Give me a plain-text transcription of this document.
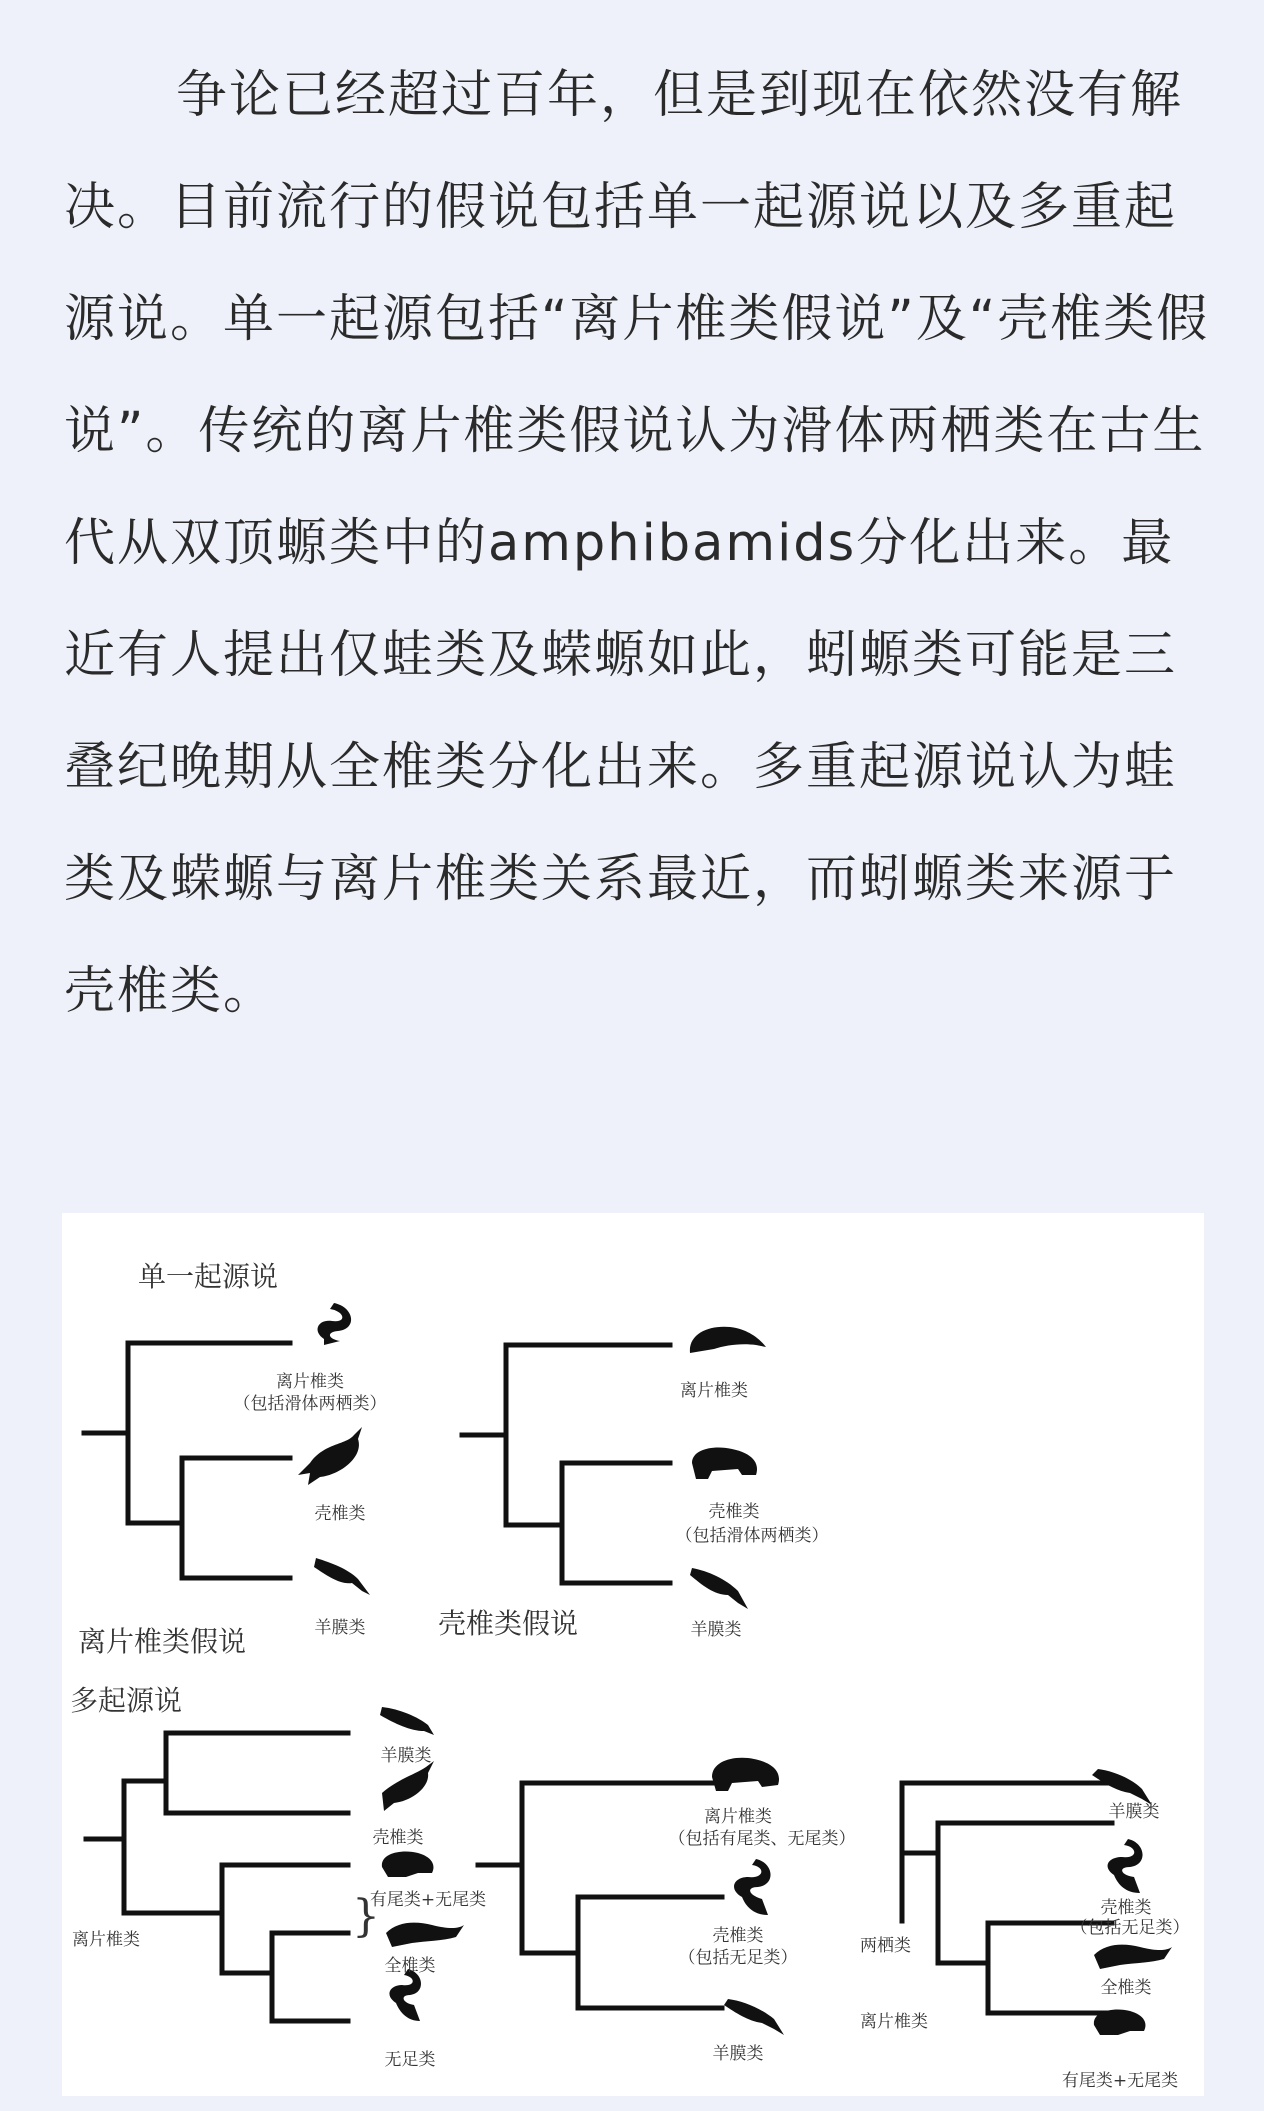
争论已经超过百年，但是到现在依然没有解决。目前流行的假说包括单一起源说以及多重起源说。单一起源包括“离片椎类假说”及“壳椎类假说”。传统的离片椎类假说认为滑体两栖类在古生代从双顶螈类中的amphibamids分化出来。最近有人提出仅蛙类及蝾螈如此，蚓螈类可能是三叠纪晚期从全椎类分化出来。多重起源说认为蛙类及蝾螈与离片椎类关系最近，而蚓螈类来源于壳椎类。

单一起源说
多起源说
离片椎类
（包括滑体两栖类）
壳椎类
羊膜类
离片椎类假说
离片椎类
壳椎类
（包括滑体两栖类）
羊膜类
壳椎类假说
羊膜类
壳椎类
有尾类+无尾类
全椎类
无足类
离片椎类	}
离片椎类
（包括有尾类、无尾类）
壳椎类
（包括无足类）
羊膜类
羊膜类
壳椎类
（包括无足类）
全椎类
有尾类+无尾类
两栖类
离片椎类
